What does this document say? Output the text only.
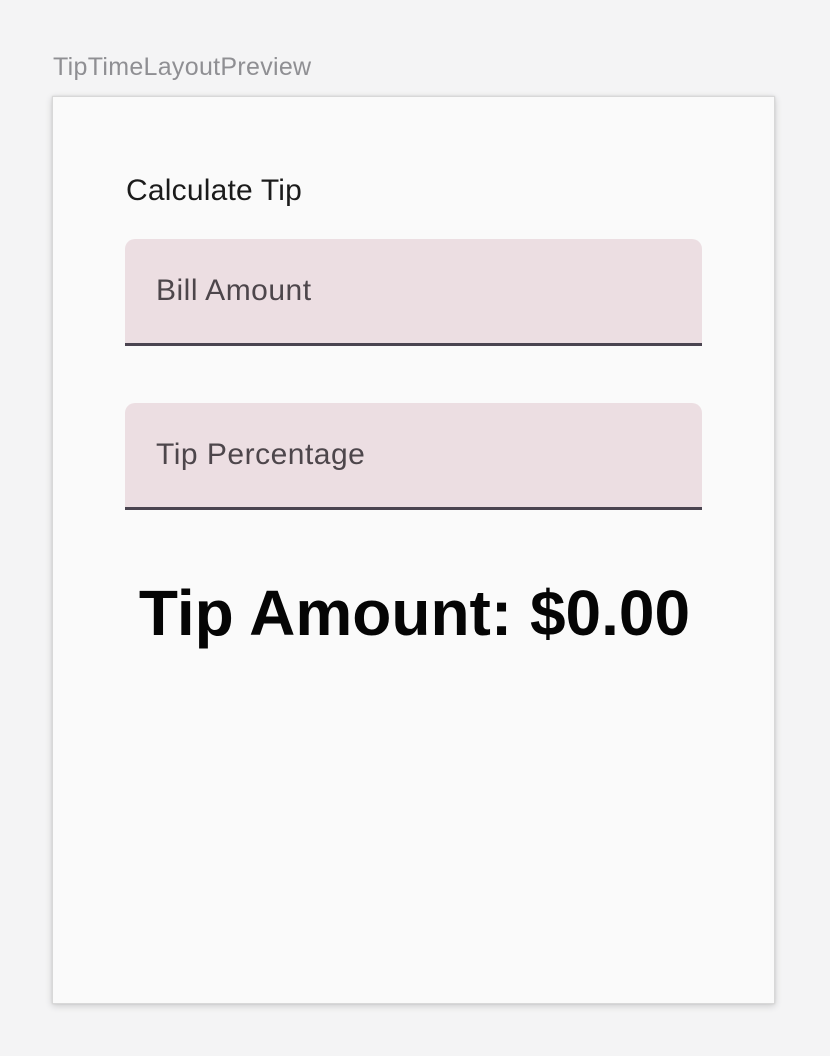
TipTimeLayoutPreview
Calculate Tip
Bill Amount
Tip Percentage
Tip Amount: $0.00
